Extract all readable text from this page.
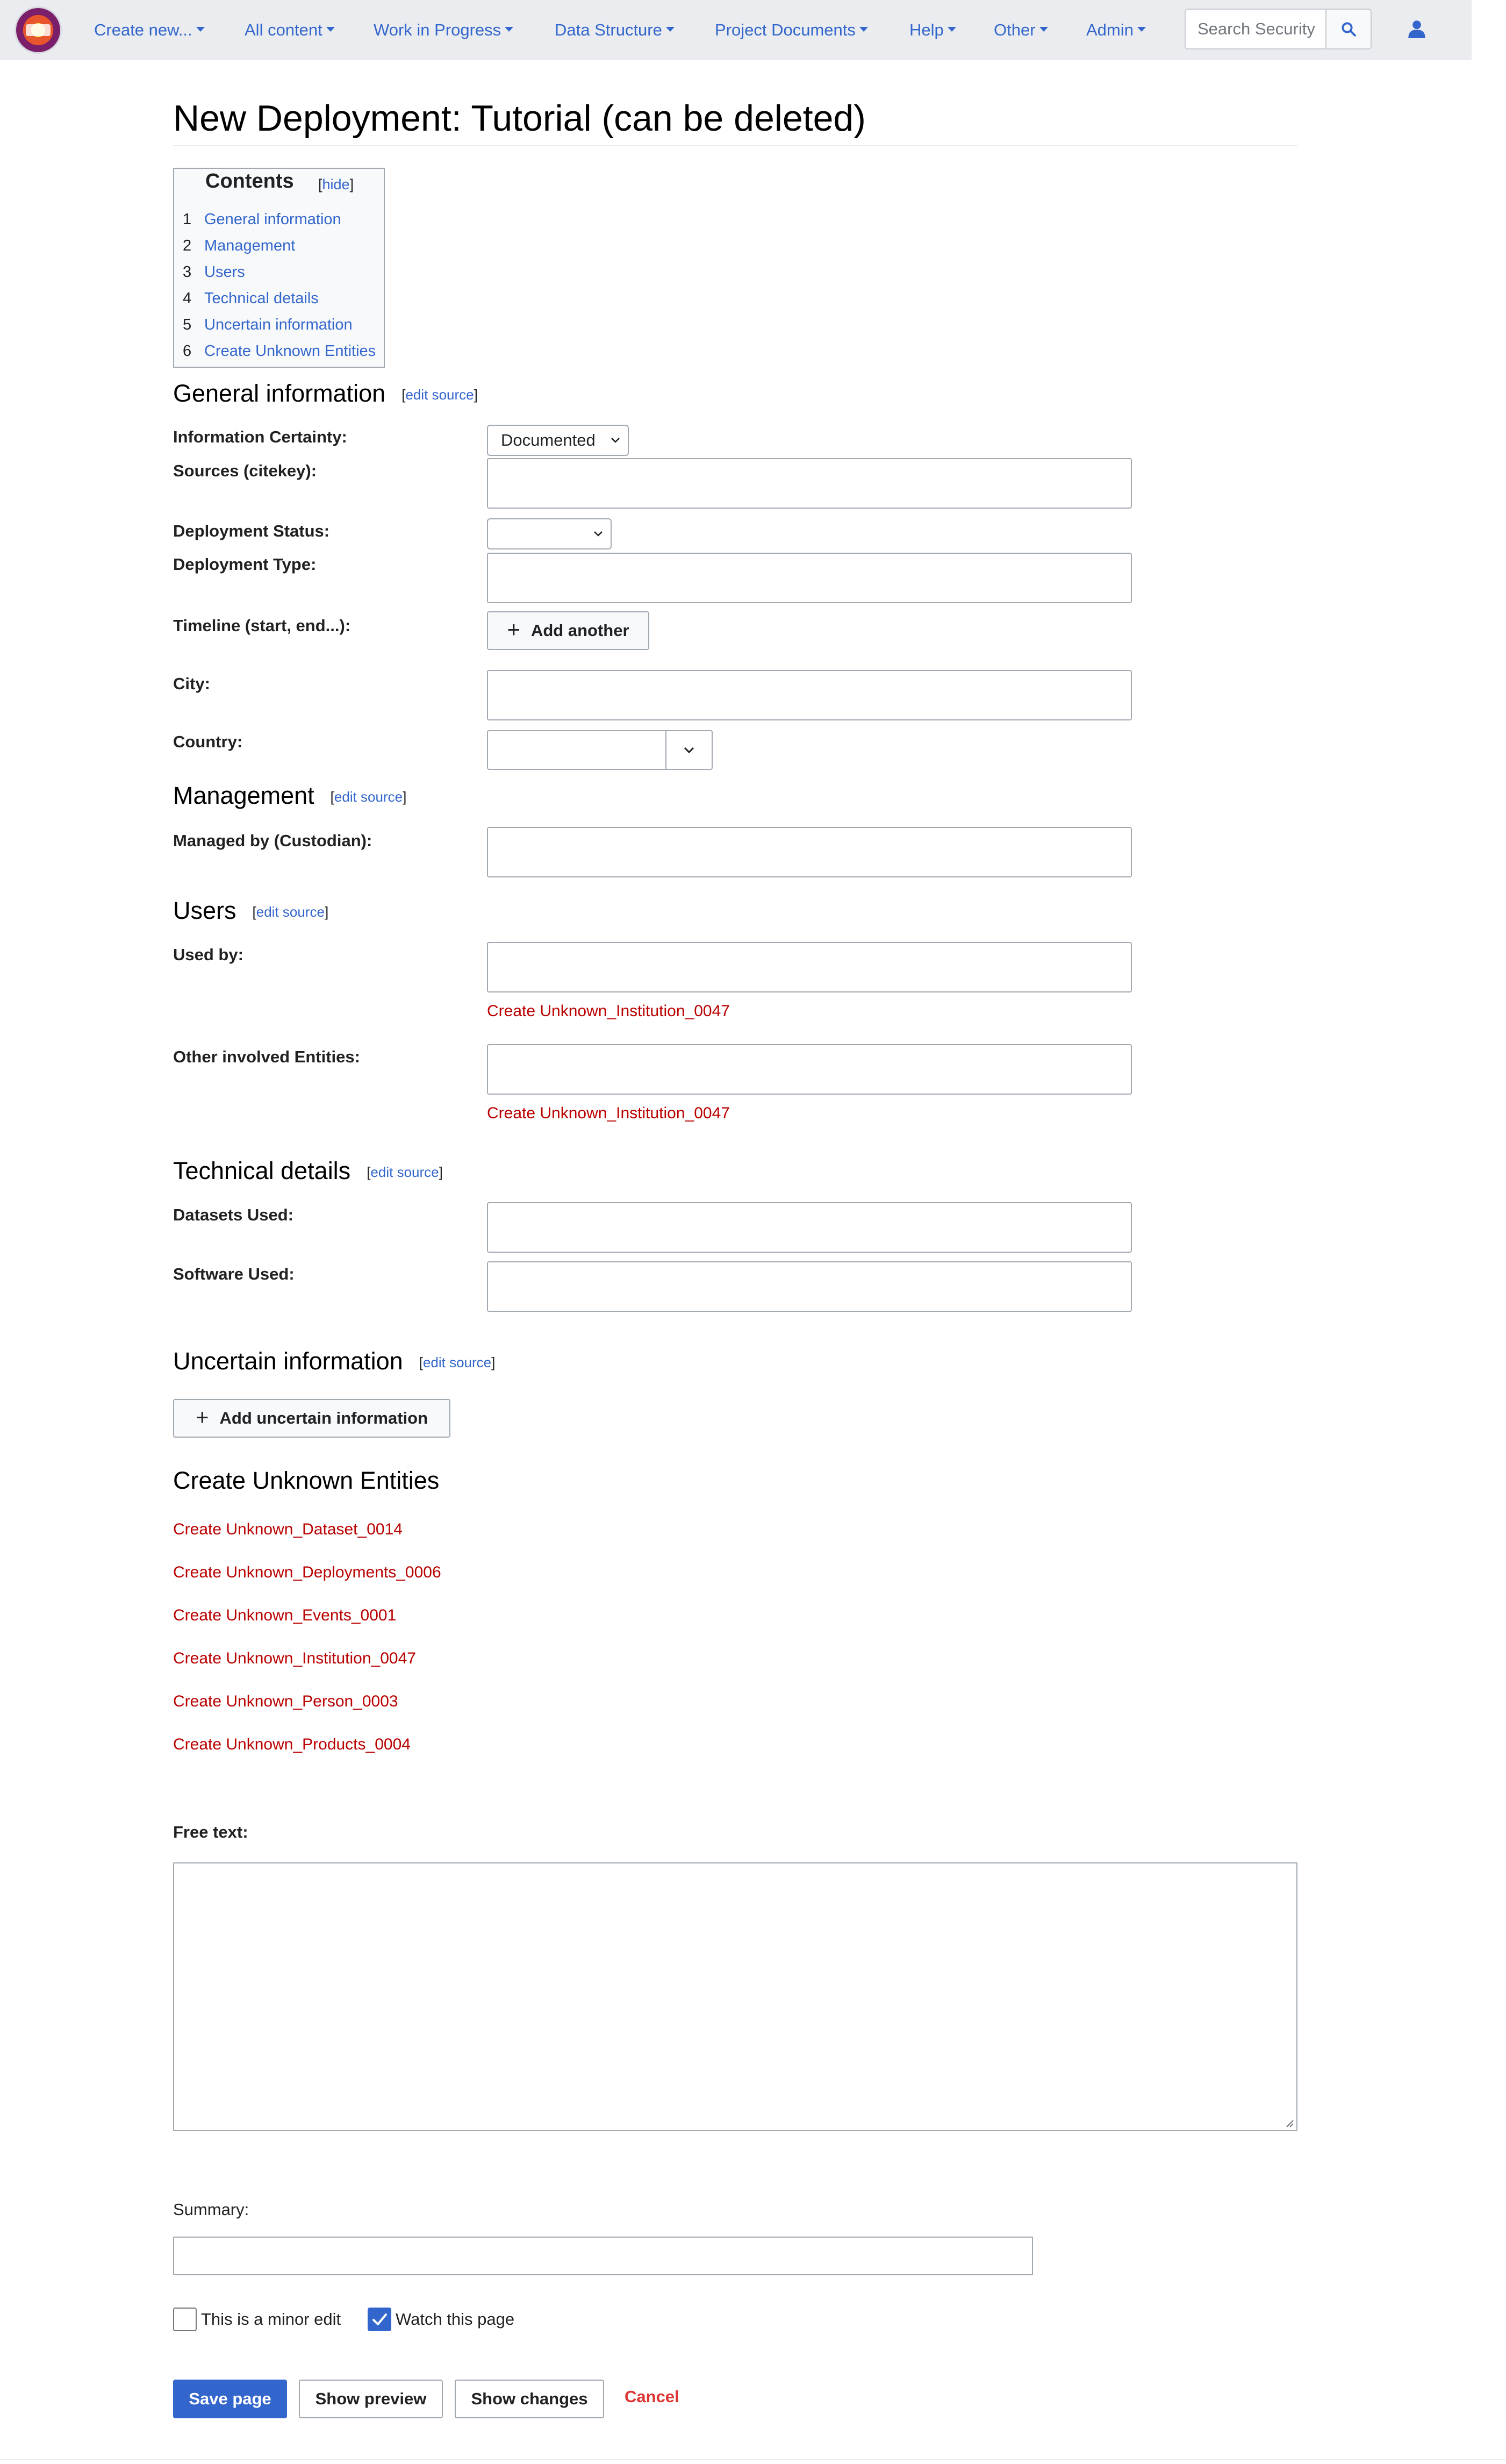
Create new...	All content	Work in Progress	Data Structure	Project Documents	Help	Other	Admin
Search Security
New Deployment: Tutorial (can be deleted)
Contents [hide]
1 General information
2 Management
3 Users
4 Technical details
5 Uncertain information
6 Create Unknown Entities
General information [edit source]
Information Certainty:	Documented
Sources (citekey):
Deployment Status:
Deployment Type:
Timeline (start, end...):	+ Add another
City:
Country:
Management [edit source]
Managed by (Custodian):
Users [edit source]
Used by:
Create Unknown_Institution_0047
Other involved Entities:
Create Unknown_Institution_0047
Technical details [edit source]
Datasets Used:
Software Used:
Uncertain information [edit source]
+ Add uncertain information
Create Unknown Entities
Create Unknown_Dataset_0014
Create Unknown_Deployments_0006
Create Unknown_Events_0001
Create Unknown_Institution_0047
Create Unknown_Person_0003
Create Unknown_Products_0004
Free text:
Summary:
This is a minor edit	Watch this page
Save page	Show preview	Show changes	Cancel
